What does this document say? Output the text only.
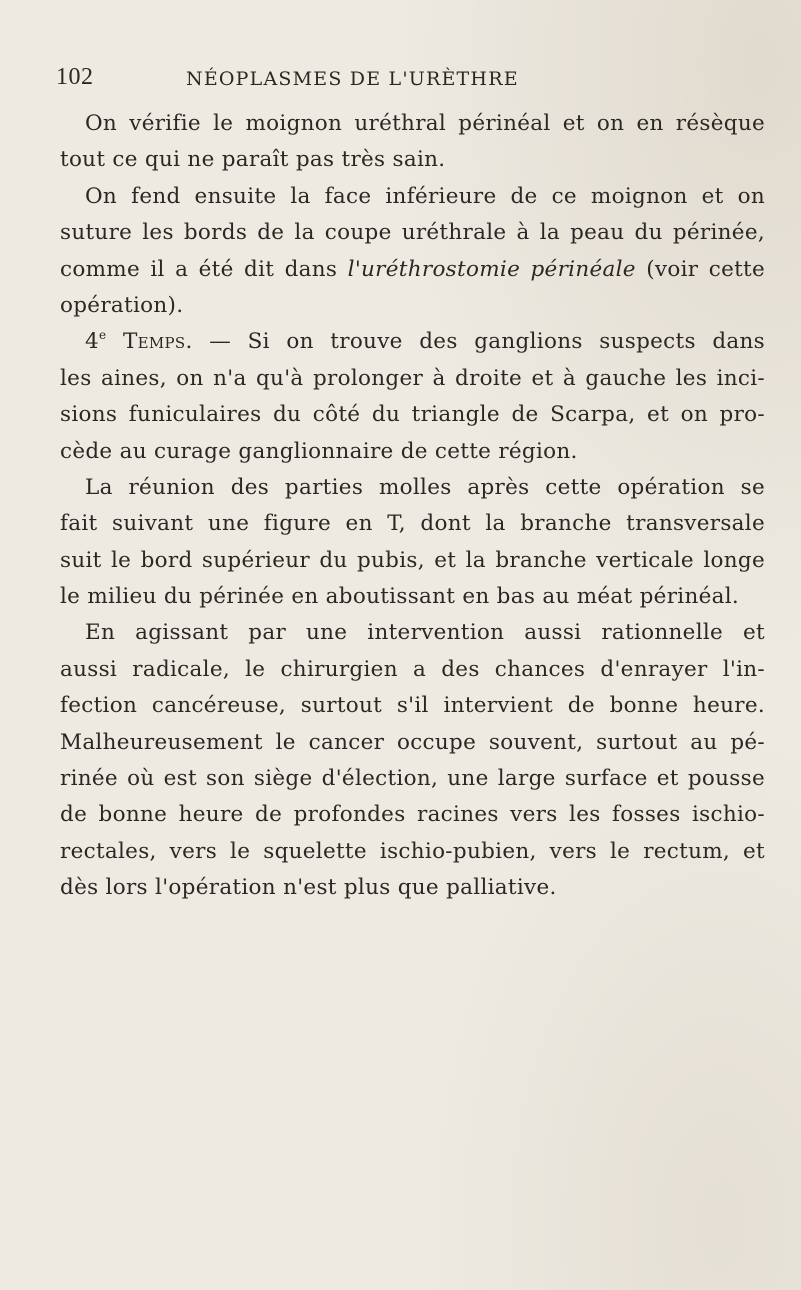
102	NÉOPLASMES DE L'URÈTHRE
On vérifie le moignon uréthral périnéal et on en résèque
tout ce qui ne paraît pas très sain.
On fend ensuite la face inférieure de ce moignon et on
suture les bords de la coupe uréthrale à la peau du périnée,
comme il a été dit dans l'uréthrostomie périnéale (voir cette
opération).
4e Temps. — Si on trouve des ganglions suspects dans
les aines, on n'a qu'à prolonger à droite et à gauche les inci-
sions funiculaires du côté du triangle de Scarpa, et on pro-
cède au curage ganglionnaire de cette région.
La réunion des parties molles après cette opération se
fait suivant une figure en T, dont la branche transversale
suit le bord supérieur du pubis, et la branche verticale longe
le milieu du périnée en aboutissant en bas au méat périnéal.
En agissant par une intervention aussi rationnelle et
aussi radicale, le chirurgien a des chances d'enrayer l'in-
fection cancéreuse, surtout s'il intervient de bonne heure.
Malheureusement le cancer occupe souvent, surtout au pé-
rinée où est son siège d'élection, une large surface et pousse
de bonne heure de profondes racines vers les fosses ischio-
rectales, vers le squelette ischio-pubien, vers le rectum, et
dès lors l'opération n'est plus que palliative.
